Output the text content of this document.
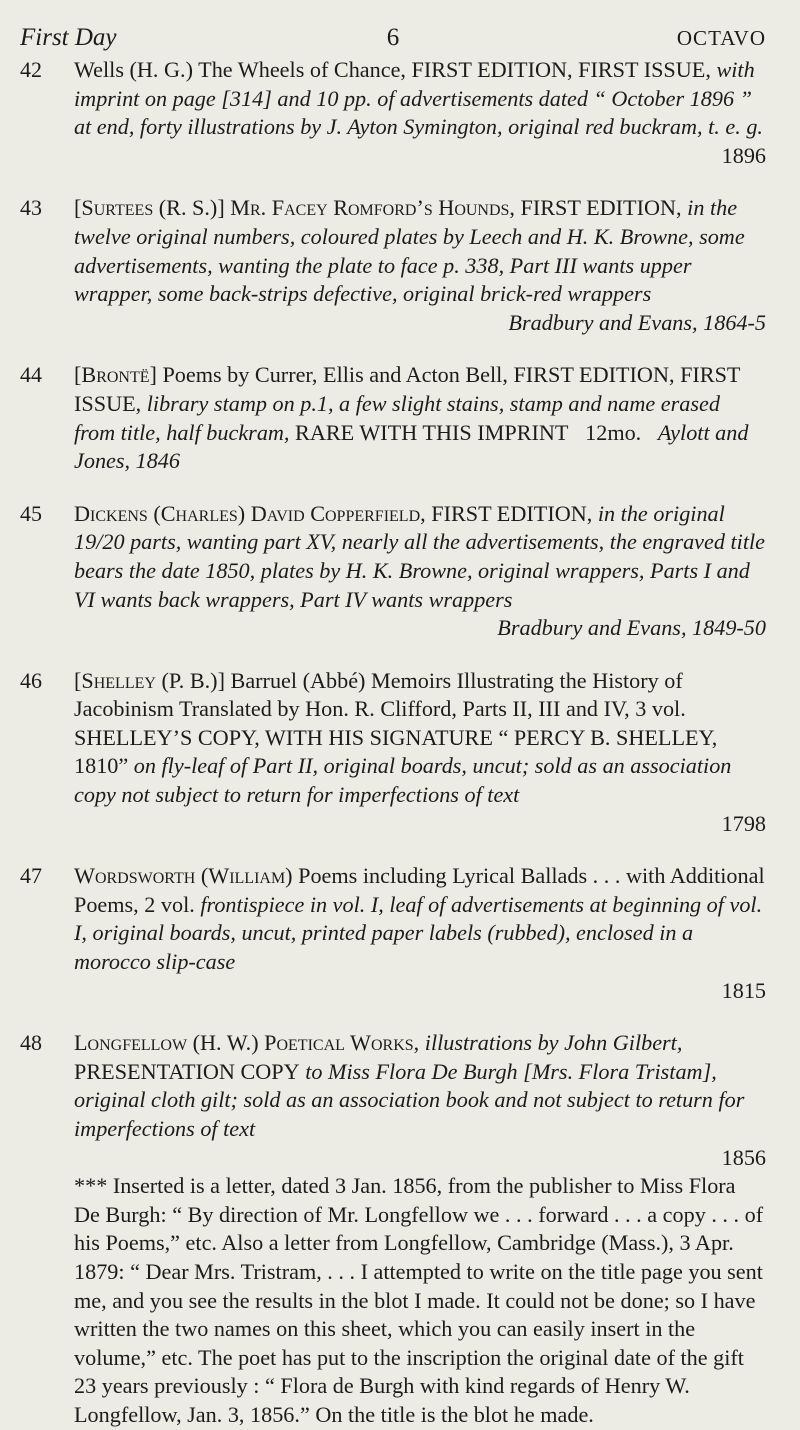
First Day	6	OCTAVO
42 Wells (H. G.) The Wheels of Chance, FIRST EDITION, FIRST ISSUE, with imprint on page [314] and 10 pp. of advertisements dated “ October 1896 ” at end, forty illustrations by J. Ayton Symington, original red buckram, t. e. g.
1896

43 [Surtees (R. S.)] Mr. Facey Romford’s Hounds, FIRST EDITION, in the twelve original numbers, coloured plates by Leech and H. K. Browne, some advertisements, wanting the plate to face p. 338, Part III wants upper wrapper, some back-strips defective, original brick-red wrappers
Bradbury and Evans, 1864-5

44 [Brontë] Poems by Currer, Ellis and Acton Bell, FIRST EDITION, FIRST ISSUE, library stamp on p.1, a few slight stains, stamp and name erased from title, half buckram, RARE WITH THIS IMPRINT 12mo. Aylott and Jones, 1846

45 Dickens (Charles) David Copperfield, FIRST EDITION, in the original 19/20 parts, wanting part XV, nearly all the advertisements, the engraved title bears the date 1850, plates by H. K. Browne, original wrappers, Parts I and VI wants back wrappers, Part IV wants wrappers
Bradbury and Evans, 1849-50

46 [Shelley (P. B.)] Barruel (Abbé) Memoirs Illustrating the History of Jacobinism Translated by Hon. R. Clifford, Parts II, III and IV, 3 vol. SHELLEY’S COPY, WITH HIS SIGNATURE “ PERCY B. SHELLEY, 1810” on fly-leaf of Part II, original boards, uncut; sold as an association copy not subject to return for imperfections of text
1798

47 Wordsworth (William) Poems including Lyrical Ballads . . . with Additional Poems, 2 vol. frontispiece in vol. I, leaf of advertisements at beginning of vol. I, original boards, uncut, printed paper labels (rubbed), enclosed in a morocco slip-case
1815

48 Longfellow (H. W.) Poetical Works, illustrations by John Gilbert, PRESENTATION COPY to Miss Flora De Burgh [Mrs. Flora Tristam], original cloth gilt; sold as an association book and not subject to return for imperfections of text
1856

*** Inserted is a letter, dated 3 Jan. 1856, from the publisher to Miss Flora De Burgh: “ By direction of Mr. Longfellow we . . . forward . . . a copy . . . of his Poems,” etc. Also a letter from Longfellow, Cambridge (Mass.), 3 Apr. 1879: “ Dear Mrs. Tristram, . . . I attempted to write on the title page you sent me, and you see the results in the blot I made. It could not be done; so I have written the two names on this sheet, which you can easily insert in the volume,” etc. The poet has put to the inscription the original date of the gift 23 years previously : “ Flora de Burgh with kind regards of Henry W. Longfellow, Jan. 3, 1856.” On the title is the blot he made.
